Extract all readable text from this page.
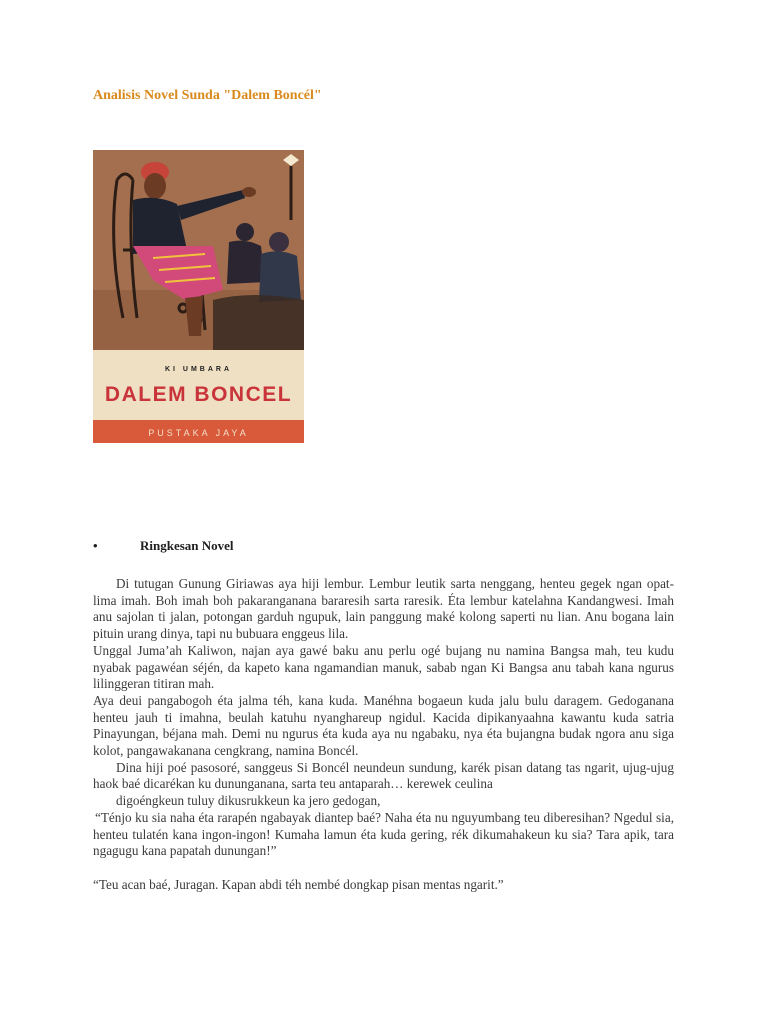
Analisis Novel Sunda "Dalem Boncél"
KI UMBARA
DALEM BONCEL
PUSTAKA JAYA
•	Ringkesan Novel

Di tutugan Gunung Giriawas aya hiji lembur. Lembur leutik sarta nenggang, henteu gegek ngan opat-lima imah. Boh imah boh pakaranganana bararesih sarta raresik. Éta lembur katelahna Kandangwesi. Imah anu sajolan ti jalan, potongan garduh ngupuk, lain panggung maké kolong saperti nu lian. Anu bogana lain pituin urang dinya, tapi nu bubuara enggeus lila.

Unggal Juma’ah Kaliwon, najan aya gawé baku anu perlu ogé bujang nu namina Bangsa mah, teu kudu nyabak pagawéan séjén, da kapeto kana ngamandian manuk, sabab ngan Ki Bangsa anu tabah kana ngurus lilinggeran titiran mah.

Aya deui pangabogoh éta jalma téh, kana kuda. Manéhna bogaeun kuda jalu bulu daragem. Gedoganana henteu jauh ti imahna, beulah katuhu nyanghareup ngidul. Kacida dipikanyaahna kawantu kuda satria Pinayungan, béjana mah. Demi nu ngurus éta kuda aya nu ngabaku, nya éta bujangna budak ngora anu siga kolot, pangawakanana cengkrang, namina Boncél.

Dina hiji poé pasosoré, sanggeus Si Boncél neundeun sundung, karék pisan datang tas ngarit, ujug-ujug haok baé dicarékan ku dununganana, sarta teu antaparah… kerewek ceulina

digoéngkeun tuluy dikusrukkeun ka jero gedogan,

“Ténjo ku sia naha éta rarapén ngabayak diantep baé? Naha éta nu nguyumbang teu diberesihan? Ngedul sia, henteu tulatén kana ingon-ingon! Kumaha lamun éta kuda gering, rék dikumahakeun ku sia? Tara apik, tara ngagugu kana papatah dunungan!”

“Teu acan baé, Juragan. Kapan abdi téh nembé dongkap pisan mentas ngarit.”
